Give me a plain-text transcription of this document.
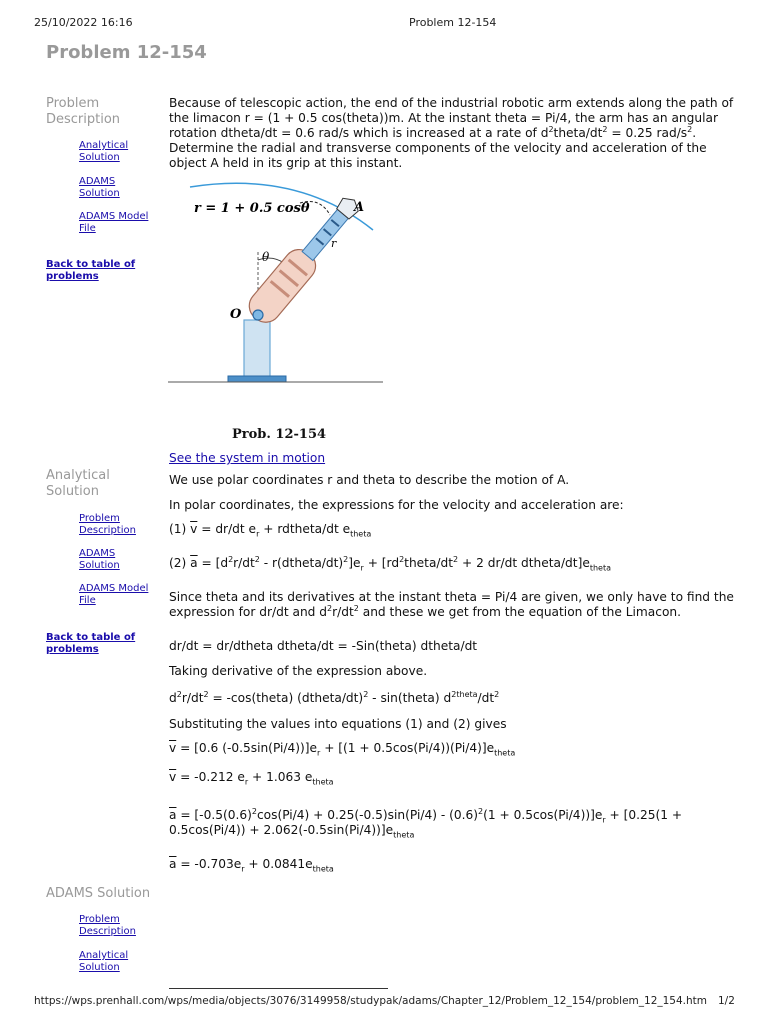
25/10/2022 16:16	Problem 12-154
Problem 12-154
Problem Description
Analytical Solution
ADAMS Solution
ADAMS Model File
Back to table of problems
Because of telescopic action, the end of the industrial robotic arm extends along the path of the limacon r = (1 + 0.5 cos(theta))m. At the instant theta = Pi/4, the arm has an angular rotation dtheta/dt = 0.6 rad/s which is increased at a rate of $d^2theta/dt^2 = 0.25$ rad/$s^2$. Determine the radial and transverse components of the velocity and acceleration of the object A held in its grip at this instant.
r = 1 + 0.5 cosθ
θ
O
A
r
Prob. 12-154
See the system in motion
Analytical Solution
Problem Description
ADAMS Solution
ADAMS Model File
Back to table of problems
We use polar coordinates r and theta to describe the motion of A.
In polar coordinates, the expressions for the velocity and acceleration are:
(1) $\overline{v} = dr/dt$ $e_r$ + rdtheta/dt $e_{theta}$
(2) $\overline{a} = [d^2r/dt^2$ - $r(dtheta/dt)^2]e_r$ + [$rd^2theta/dt^2 + 2$ dr/dt dtheta/$dt]e_{theta}$
Since theta and its derivatives at the instant theta = Pi/4 are given, we only have to find the expression for dr/dt and $d^2r/dt^2$ and these we get from the equation of the Limacon.
dr/dt = dr/dtheta dtheta/dt = -Sin(theta) dtheta/dt
Taking derivative of the expression above.
$d^2r/dt^2$ = -cos(theta) (dtheta/dt)$^2$ - sin(theta) $d^{2theta}/dt^2$
Substituting the values into equations (1) and (2) gives
$\overline{v} = [0.6$ $(-0.5\sin(Pi/4))]e_r + [(1 + 0.5\cos(Pi/4))(Pi/4)]e_{theta}$
$\overline{v} = -0.212$ $e_r + 1.063$ $e_{theta}$
$\overline{a} = [-0.5(0.6)^2\cos(Pi/4) + 0.25(-0.5)\sin(Pi/4) - (0.6)^2(1 + 0.5\cos(Pi/4))]e_r + [0.25(1 + 0.5\cos(Pi/4)) + 2.062(-0.5\sin(Pi/4))]e_{theta}$
$\overline{a} = -0.703e_r + 0.0841e_{theta}$
ADAMS Solution
Problem Description
Analytical Solution
https://wps.prenhall.com/wps/media/objects/3076/3149958/studypak/adams/Chapter_12/Problem_12_154/problem_12_154.htm 1/2
